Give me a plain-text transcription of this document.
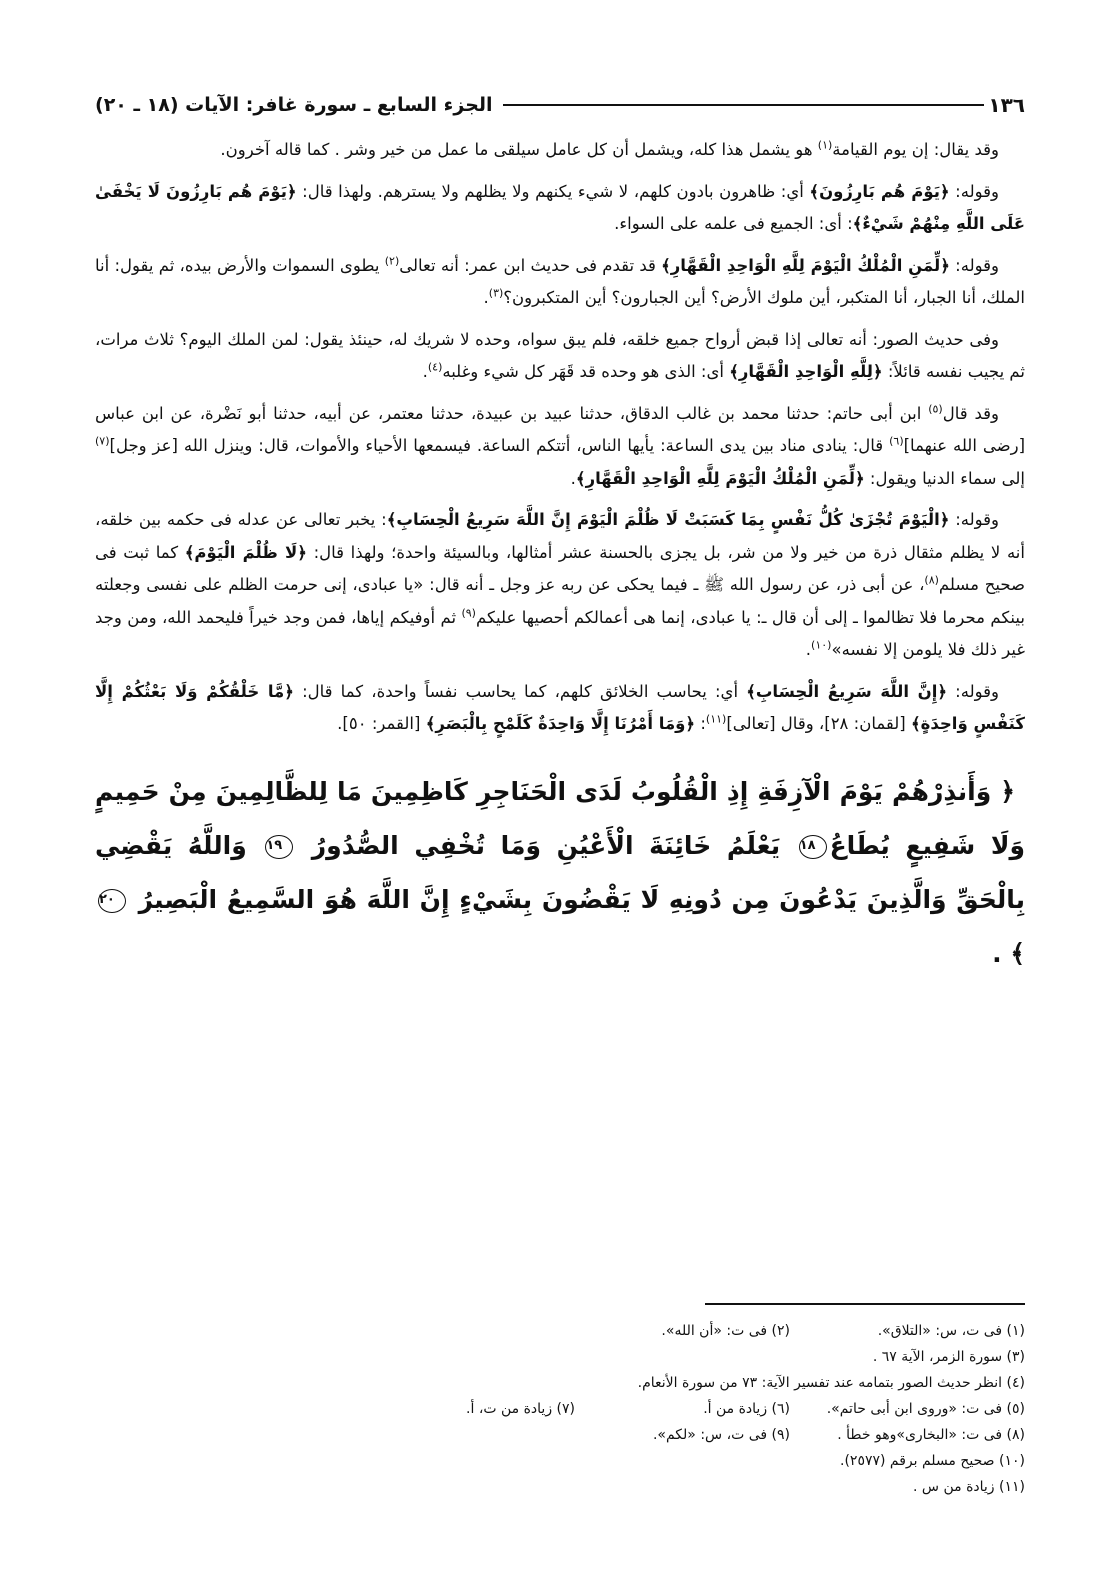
١٣٦
الجزء السابع ـ سورة غافر: الآيات (١٨ ـ ٢٠)

وقد يقال: إن يوم القيامة$^{(١)}$ هو يشمل هذا كله، ويشمل أن كل عامل سيلقى ما عمل من خير وشر . كما قاله آخرون.

وقوله: ﴿يَوْمَ هُم بَارِزُونَ﴾ أي: ظاهرون بادون كلهم، لا شيء يكنهم ولا يظلهم ولا يسترهم. ولهذا قال: ﴿يَوْمَ هُم بَارِزُونَ لَا يَخْفَىٰ عَلَى اللَّهِ مِنْهُمْ شَيْءٌ﴾: أى: الجميع فى علمه على السواء.

وقوله: ﴿لِّمَنِ الْمُلْكُ الْيَوْمَ لِلَّهِ الْوَاحِدِ الْقَهَّارِ﴾ قد تقدم فى حديث ابن عمر: أنه تعالى$^{(٢)}$ يطوى السموات والأرض بيده، ثم يقول: أنا الملك، أنا الجبار، أنا المتكبر، أين ملوك الأرض؟ أين الجبارون؟ أين المتكبرون؟$^{(٣)}$.

وفى حديث الصور: أنه تعالى إذا قبض أرواح جميع خلقه، فلم يبق سواه، وحده لا شريك له، حينئذ يقول: لمن الملك اليوم؟ ثلاث مرات، ثم يجيب نفسه قائلاً: ﴿لِلَّهِ الْوَاحِدِ الْقَهَّارِ﴾ أى: الذى هو وحده قد قَهَر كل شيء وغلبه$^{(٤)}$.

وقد قال$^{(٥)}$ ابن أبى حاتم: حدثنا محمد بن غالب الدقاق، حدثنا عبيد بن عبيدة، حدثنا معتمر، عن أبيه، حدثنا أبو نَضْرة، عن ابن عباس [رضى الله عنهما]$^{(٦)}$ قال: ينادى مناد بين يدى الساعة: يأيها الناس، أتتكم الساعة. فيسمعها الأحياء والأموات، قال: وينزل الله [عز وجل]$^{(٧)}$ إلى سماء الدنيا ويقول: ﴿لِّمَنِ الْمُلْكُ الْيَوْمَ لِلَّهِ الْوَاحِدِ الْقَهَّارِ﴾.

وقوله: ﴿الْيَوْمَ تُجْزَىٰ كُلُّ نَفْسٍ بِمَا كَسَبَتْ لَا ظُلْمَ الْيَوْمَ إِنَّ اللَّهَ سَرِيعُ الْحِسَابِ﴾: يخبر تعالى عن عدله فى حكمه بين خلقه، أنه لا يظلم مثقال ذرة من خير ولا من شر، بل يجزى بالحسنة عشر أمثالها، وبالسيئة واحدة؛ ولهذا قال: ﴿لَا ظُلْمَ الْيَوْمَ﴾ كما ثبت فى صحيح مسلم$^{(٨)}$، عن أبى ذر، عن رسول الله ﷺ ـ فيما يحكى عن ربه عز وجل ـ أنه قال: «يا عبادى، إنى حرمت الظلم على نفسى وجعلته بينكم محرما فلا تظالموا ـ إلى أن قال ـ: يا عبادى، إنما هى أعمالكم أحصيها عليكم$^{(٩)}$ ثم أوفيكم إياها، فمن وجد خيراً فليحمد الله، ومن وجد غير ذلك فلا يلومن إلا نفسه»$^{(١٠)}$.

وقوله: ﴿إِنَّ اللَّهَ سَرِيعُ الْحِسَابِ﴾ أي: يحاسب الخلائق كلهم، كما يحاسب نفساً واحدة، كما قال: ﴿مَّا خَلْقُكُمْ وَلَا بَعْثُكُمْ إِلَّا كَنَفْسٍ وَاحِدَةٍ﴾ [لقمان: ٢٨]، وقال [تعالى]$^{(١١)}$: ﴿وَمَا أَمْرُنَا إِلَّا وَاحِدَةٌ كَلَمْحٍ بِالْبَصَرِ﴾ [القمر: ٥٠].

﴿ وَأَنذِرْهُمْ يَوْمَ الْآزِفَةِ إِذِ الْقُلُوبُ لَدَى الْحَنَاجِرِ كَاظِمِينَ مَا لِلظَّالِمِينَ مِنْ حَمِيمٍ وَلَا شَفِيعٍ يُطَاعُ١٨ يَعْلَمُ خَائِنَةَ الْأَعْيُنِ وَمَا تُخْفِي الصُّدُورُ ١٩ وَاللَّهُ يَقْضِي بِالْحَقِّ وَالَّذِينَ يَدْعُونَ مِن دُونِهِ لَا يَقْضُونَ بِشَيْءٍ إِنَّ اللَّهَ هُوَ السَّمِيعُ الْبَصِيرُ ٢٠ ﴾ .
(١) فى ت، س: «التلاق».
(٢) فى ت: «أن الله».
(٣) سورة الزمر، الآية ٦٧ .
(٤) انظر حديث الصور بتمامه عند تفسير الآية: ٧٣ من سورة الأنعام.
(٥) فى ت: «وروى ابن أبى حاتم».
(٦) زيادة من أ.
(٧) زيادة من ت، أ.
(٨) فى ت: «البخارى»وهو خطأ .
(٩) فى ت، س: «لكم».
(١٠) صحيح مسلم برقم (٢٥٧٧).
(١١) زيادة من س .
